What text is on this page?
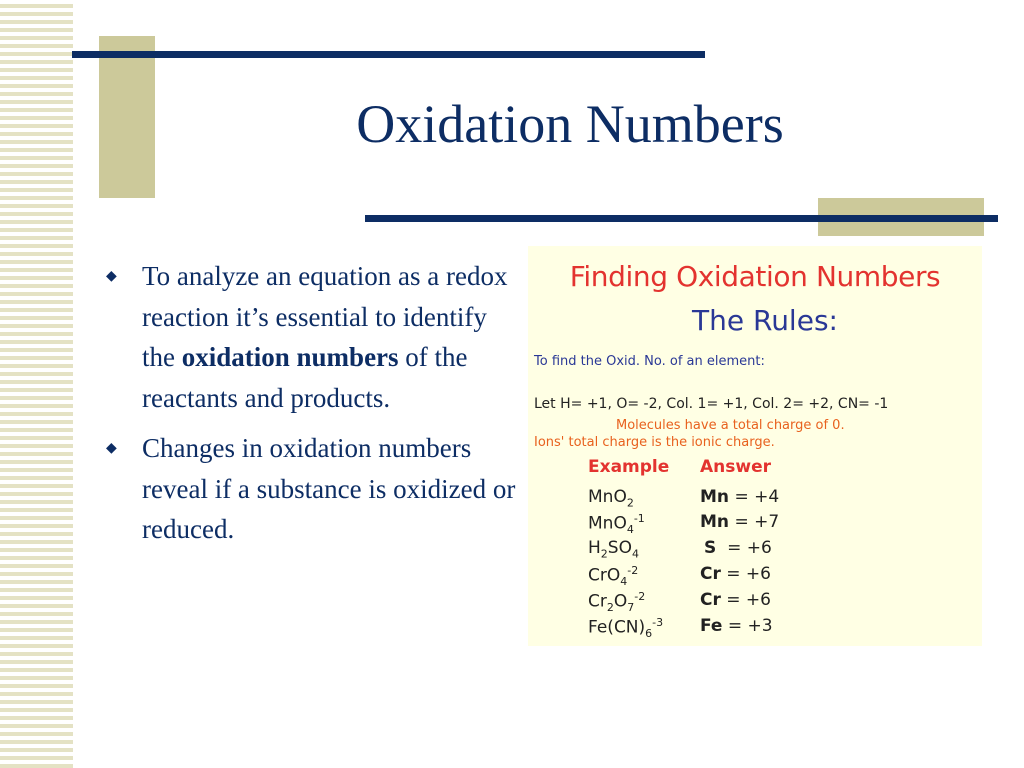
Oxidation Numbers
◆ To analyze an equation as a redox reaction it’s essential to identify the oxidation numbers of the reactants and products.
◆ Changes in oxidation numbers reveal if a substance is oxidized or reduced.
Finding Oxidation Numbers
The Rules:
To find the Oxid. No. of an element:
Let H= +1, O= -2, Col. 1= +1, Col. 2= +2, CN= -1
Molecules have a total charge of 0.
Ions' total charge is the ionic charge.
Example Answer
MnO$_2$	Mn = +4
MnO$_4^{-1}$	Mn = +7
$H_2SO_4$	S = +6
CrO$_4^{-2}$	Cr = +6
$Cr_2O_7^{-2}$	Cr = +6
$Fe(CN)_6^{-3}$ Fe = +3
